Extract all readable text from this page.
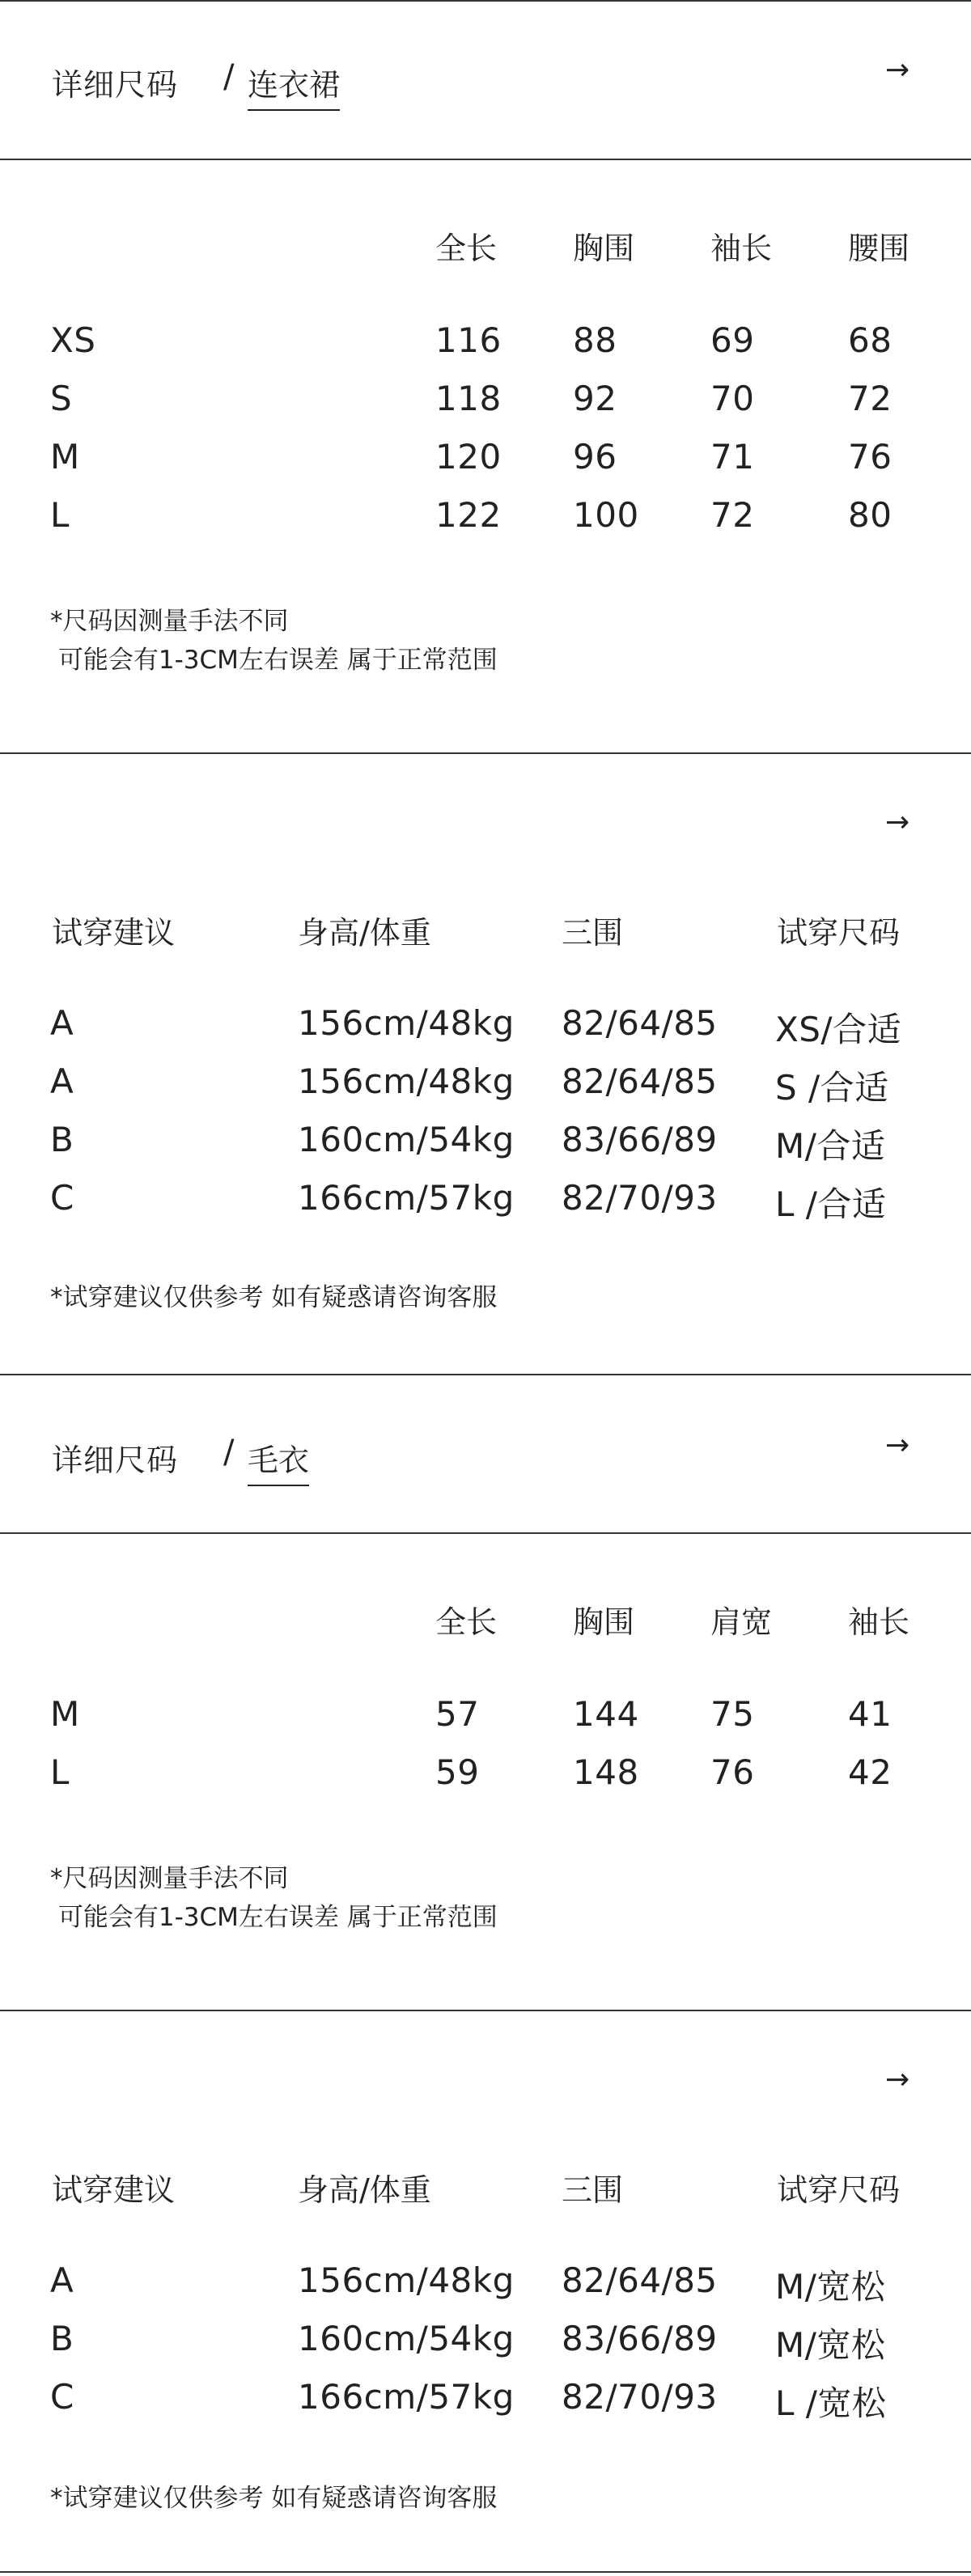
详细尺码 / 连衣裙	→
全长 胸围 袖长 腰围
XS	116 88	69	68
S	118 92	70	72
M	120 96	71	76
L	122 100 72	80
*尺码因测量手法不同
可能会有1-3CM左右误差 属于正常范围
→
试穿建议	身高/体重	三围	试穿尺码
A	156cm/48kg 82/64/85 XS/合适
A	156cm/48kg 82/64/85 S /合适
B	160cm/54kg 83/66/89 M/合适
C	166cm/57kg 82/70/93 L /合适
*试穿建议仅供参考 如有疑惑请咨询客服
详细尺码 / 毛衣	→
全长 胸围 肩宽 袖长
M	57	144 75	41
L	59	148 76	42
*尺码因测量手法不同
可能会有1-3CM左右误差 属于正常范围
→
试穿建议	身高/体重	三围	试穿尺码
A	156cm/48kg 82/64/85 M/宽松
B	160cm/54kg 83/66/89 M/宽松
C	166cm/57kg 82/70/93 L /宽松
*试穿建议仅供参考 如有疑惑请咨询客服
